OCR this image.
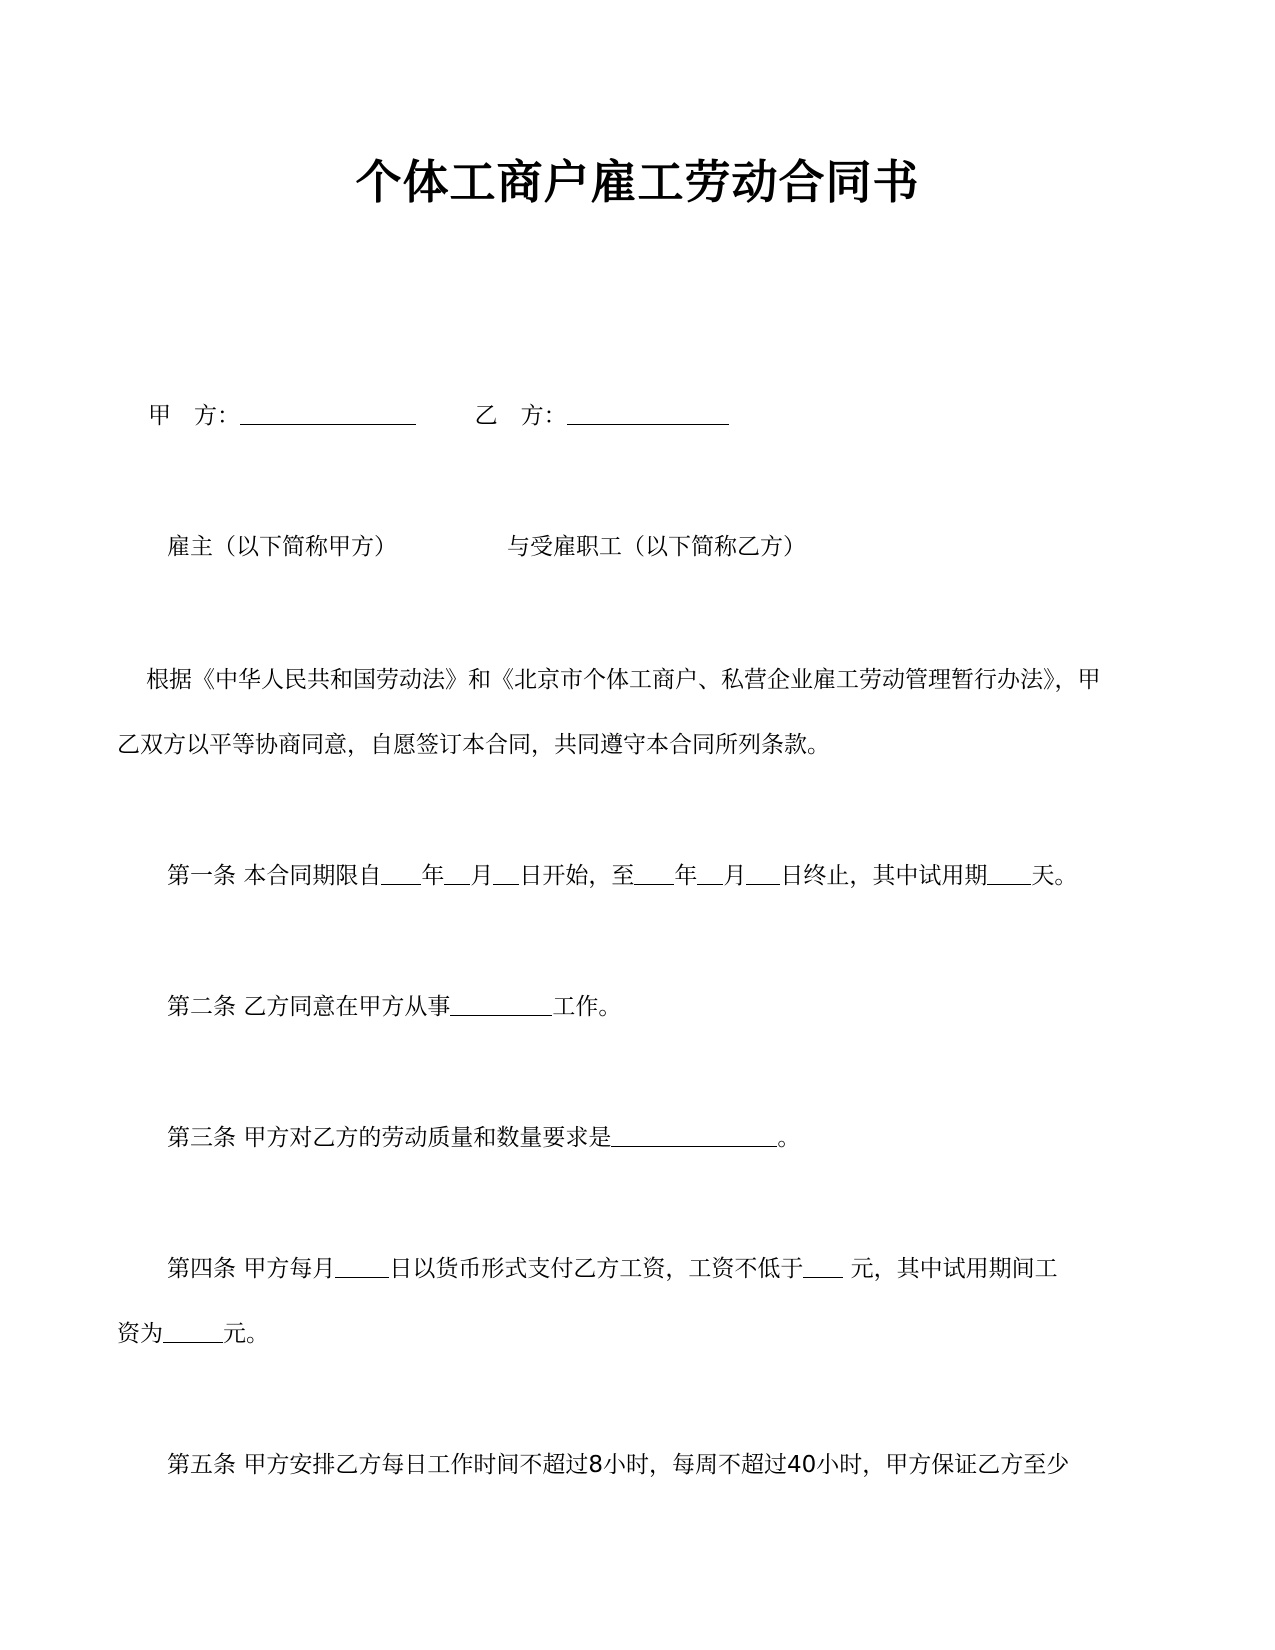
个体工商户雇工劳动合同书
甲　方：	乙　方：
雇主（以下简称甲方）	与受雇职工（以下简称乙方）
根据《中华人民共和国劳动法》和《北京市个体工商户、私营企业雇工劳动管理暂行办法》，甲
乙双方以平等协商同意，自愿签订本合同，共同遵守本合同所列条款。
第一条 本合同期限自 年 月 日开始，至 年 月 日终止，其中试用期 天。
第二条 乙方同意在甲方从事	工作。
第三条 甲方对乙方的劳动质量和数量要求是	。
第四条 甲方每月 日以货币形式支付乙方工资，工资不低于 元，其中试用期间工
资为	元。
第五条 甲方安排乙方每日工作时间不超过8小时，每周不超过40小时，甲方保证乙方至少
